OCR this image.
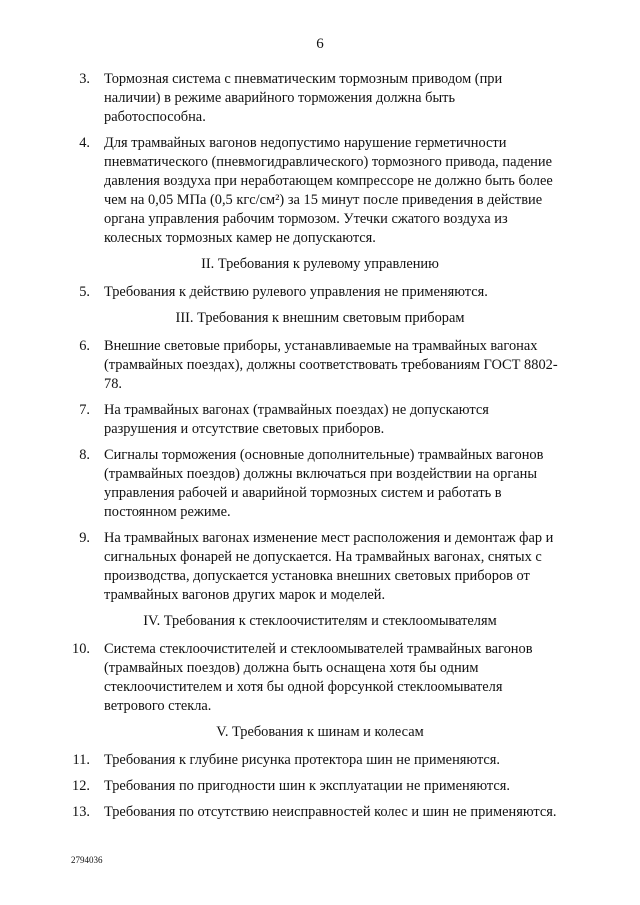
6
3. Тормозная система с пневматическим тормозным приводом (при наличии) в режиме аварийного торможения должна быть работоспособна.
4. Для трамвайных вагонов недопустимо нарушение герметичности пневматического (пневмогидравлического) тормозного привода, падение давления воздуха при неработающем компрессоре не должно быть более чем на 0,05 МПа (0,5 кгс/см²) за 15 минут после приведения в действие органа управления рабочим тормозом. Утечки сжатого воздуха из колесных тормозных камер не допускаются.
II. Требования к рулевому управлению
5. Требования к действию рулевого управления не применяются.
III. Требования к внешним световым приборам
6. Внешние световые приборы, устанавливаемые на трамвайных вагонах (трамвайных поездах), должны соответствовать требованиям ГОСТ 8802-78.
7. На трамвайных вагонах (трамвайных поездах) не допускаются разрушения и отсутствие световых приборов.
8. Сигналы торможения (основные дополнительные) трамвайных вагонов (трамвайных поездов) должны включаться при воздействии на органы управления рабочей и аварийной тормозных систем и работать в постоянном режиме.
9. На трамвайных вагонах изменение мест расположения и демонтаж фар и сигнальных фонарей не допускается. На трамвайных вагонах, снятых с производства, допускается установка внешних световых приборов от трамвайных вагонов других марок и моделей.
IV. Требования к стеклоочистителям и стеклоомывателям
10. Система стеклоочистителей и стеклоомывателей трамвайных вагонов (трамвайных поездов) должна быть оснащена хотя бы одним стеклоочистителем и хотя бы одной форсункой стеклоомывателя ветрового стекла.
V. Требования к шинам и колесам
11. Требования к глубине рисунка протектора шин не применяются.
12. Требования по пригодности шин к эксплуатации не применяются.
13. Требования по отсутствию неисправностей колес и шин не применяются.
2794036
